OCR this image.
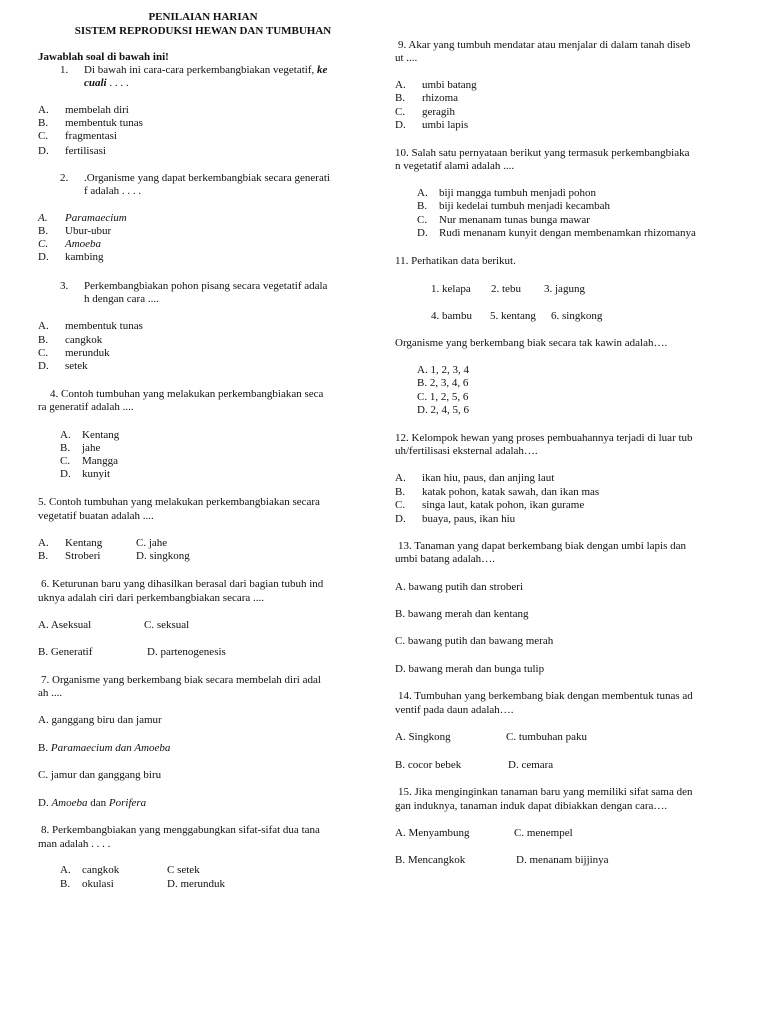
PENILAIAN HARIAN
SISTEM REPRODUKSI HEWAN DAN TUMBUHAN
Jawablah soal di bawah ini!
1. Di bawah ini cara-cara perkembangbiakan vegetatif, ke
cuali . . . .
A. membelah diri
B. membentuk tunas
C. fragmentasi
D. fertilisasi
2. .Organisme yang dapat berkembangbiak secara generati
f adalah . . . .
A. Paramaecium
B. Ubur-ubur
C. Amoeba
D. kambing
3. Perkembangbiakan pohon pisang secara vegetatif adala
h dengan cara ....
A. membentuk tunas
B. cangkok
C. merunduk
D. setek
4. Contoh tumbuhan yang melakukan perkembangbiakan seca
ra generatif adalah ....
A. Kentang
B. jahe
C. Mangga
D. kunyit
5. Contoh tumbuhan yang melakukan perkembangbiakan secara
vegetatif buatan adalah ....
A. Kentang	C. jahe
B. Stroberi	D. singkong
6. Keturunan baru yang dihasilkan berasal dari bagian tubuh ind
uknya adalah ciri dari perkembangbiakan secara ....
A. Aseksual	C. seksual
B. Generatif	D. partenogenesis
7. Organisme yang berkembang biak secara membelah diri adal
ah ....
A. ganggang biru dan jamur
B. Paramaecium dan Amoeba
C. jamur dan ganggang biru
D. Amoeba dan Porifera
8. Perkembangbiakan yang menggabungkan sifat-sifat dua tana
man adalah . . . .
A. cangkok	C setek
B. okulasi	D. merunduk
9. Akar yang tumbuh mendatar atau menjalar di dalam tanah diseb
ut ....
A. umbi batang
B. rhizoma
C. geragih
D. umbi lapis
10. Salah satu pernyataan berikut yang termasuk perkembangbiaka
n vegetatif alami adalah ....
A. biji mangga tumbuh menjadi pohon
B. biji kedelai tumbuh menjadi kecambah
C. Nur menanam tunas bunga mawar
D. Rudi menanam kunyit dengan membenamkan rhizomanya
11. Perhatikan data berikut.
1. kelapa 2. tebu 3. jagung
4. bambu 5. kentang 6. singkong
Organisme yang berkembang biak secara tak kawin adalah….
A. 1, 2, 3, 4
B. 2, 3, 4, 6
C. 1, 2, 5, 6
D. 2, 4, 5, 6
12. Kelompok hewan yang proses pembuahannya terjadi di luar tub
uh/fertilisasi eksternal adalah….
A. ikan hiu, paus, dan anjing laut
B. katak pohon, katak sawah, dan ikan mas
C. singa laut, katak pohon, ikan gurame
D. buaya, paus, ikan hiu
13. Tanaman yang dapat berkembang biak dengan umbi lapis dan
umbi batang adalah….
A. bawang putih dan stroberi
B. bawang merah dan kentang
C. bawang putih dan bawang merah
D. bawang merah dan bunga tulip
14. Tumbuhan yang berkembang biak dengan membentuk tunas ad
ventif pada daun adalah….
A. Singkong	C. tumbuhan paku
B. cocor bebek	D. cemara
15. Jika menginginkan tanaman baru yang memiliki sifat sama den
gan induknya, tanaman induk dapat dibiakkan dengan cara….
A. Menyambung	C. menempel
B. Mencangkok	D. menanam bijjinya
